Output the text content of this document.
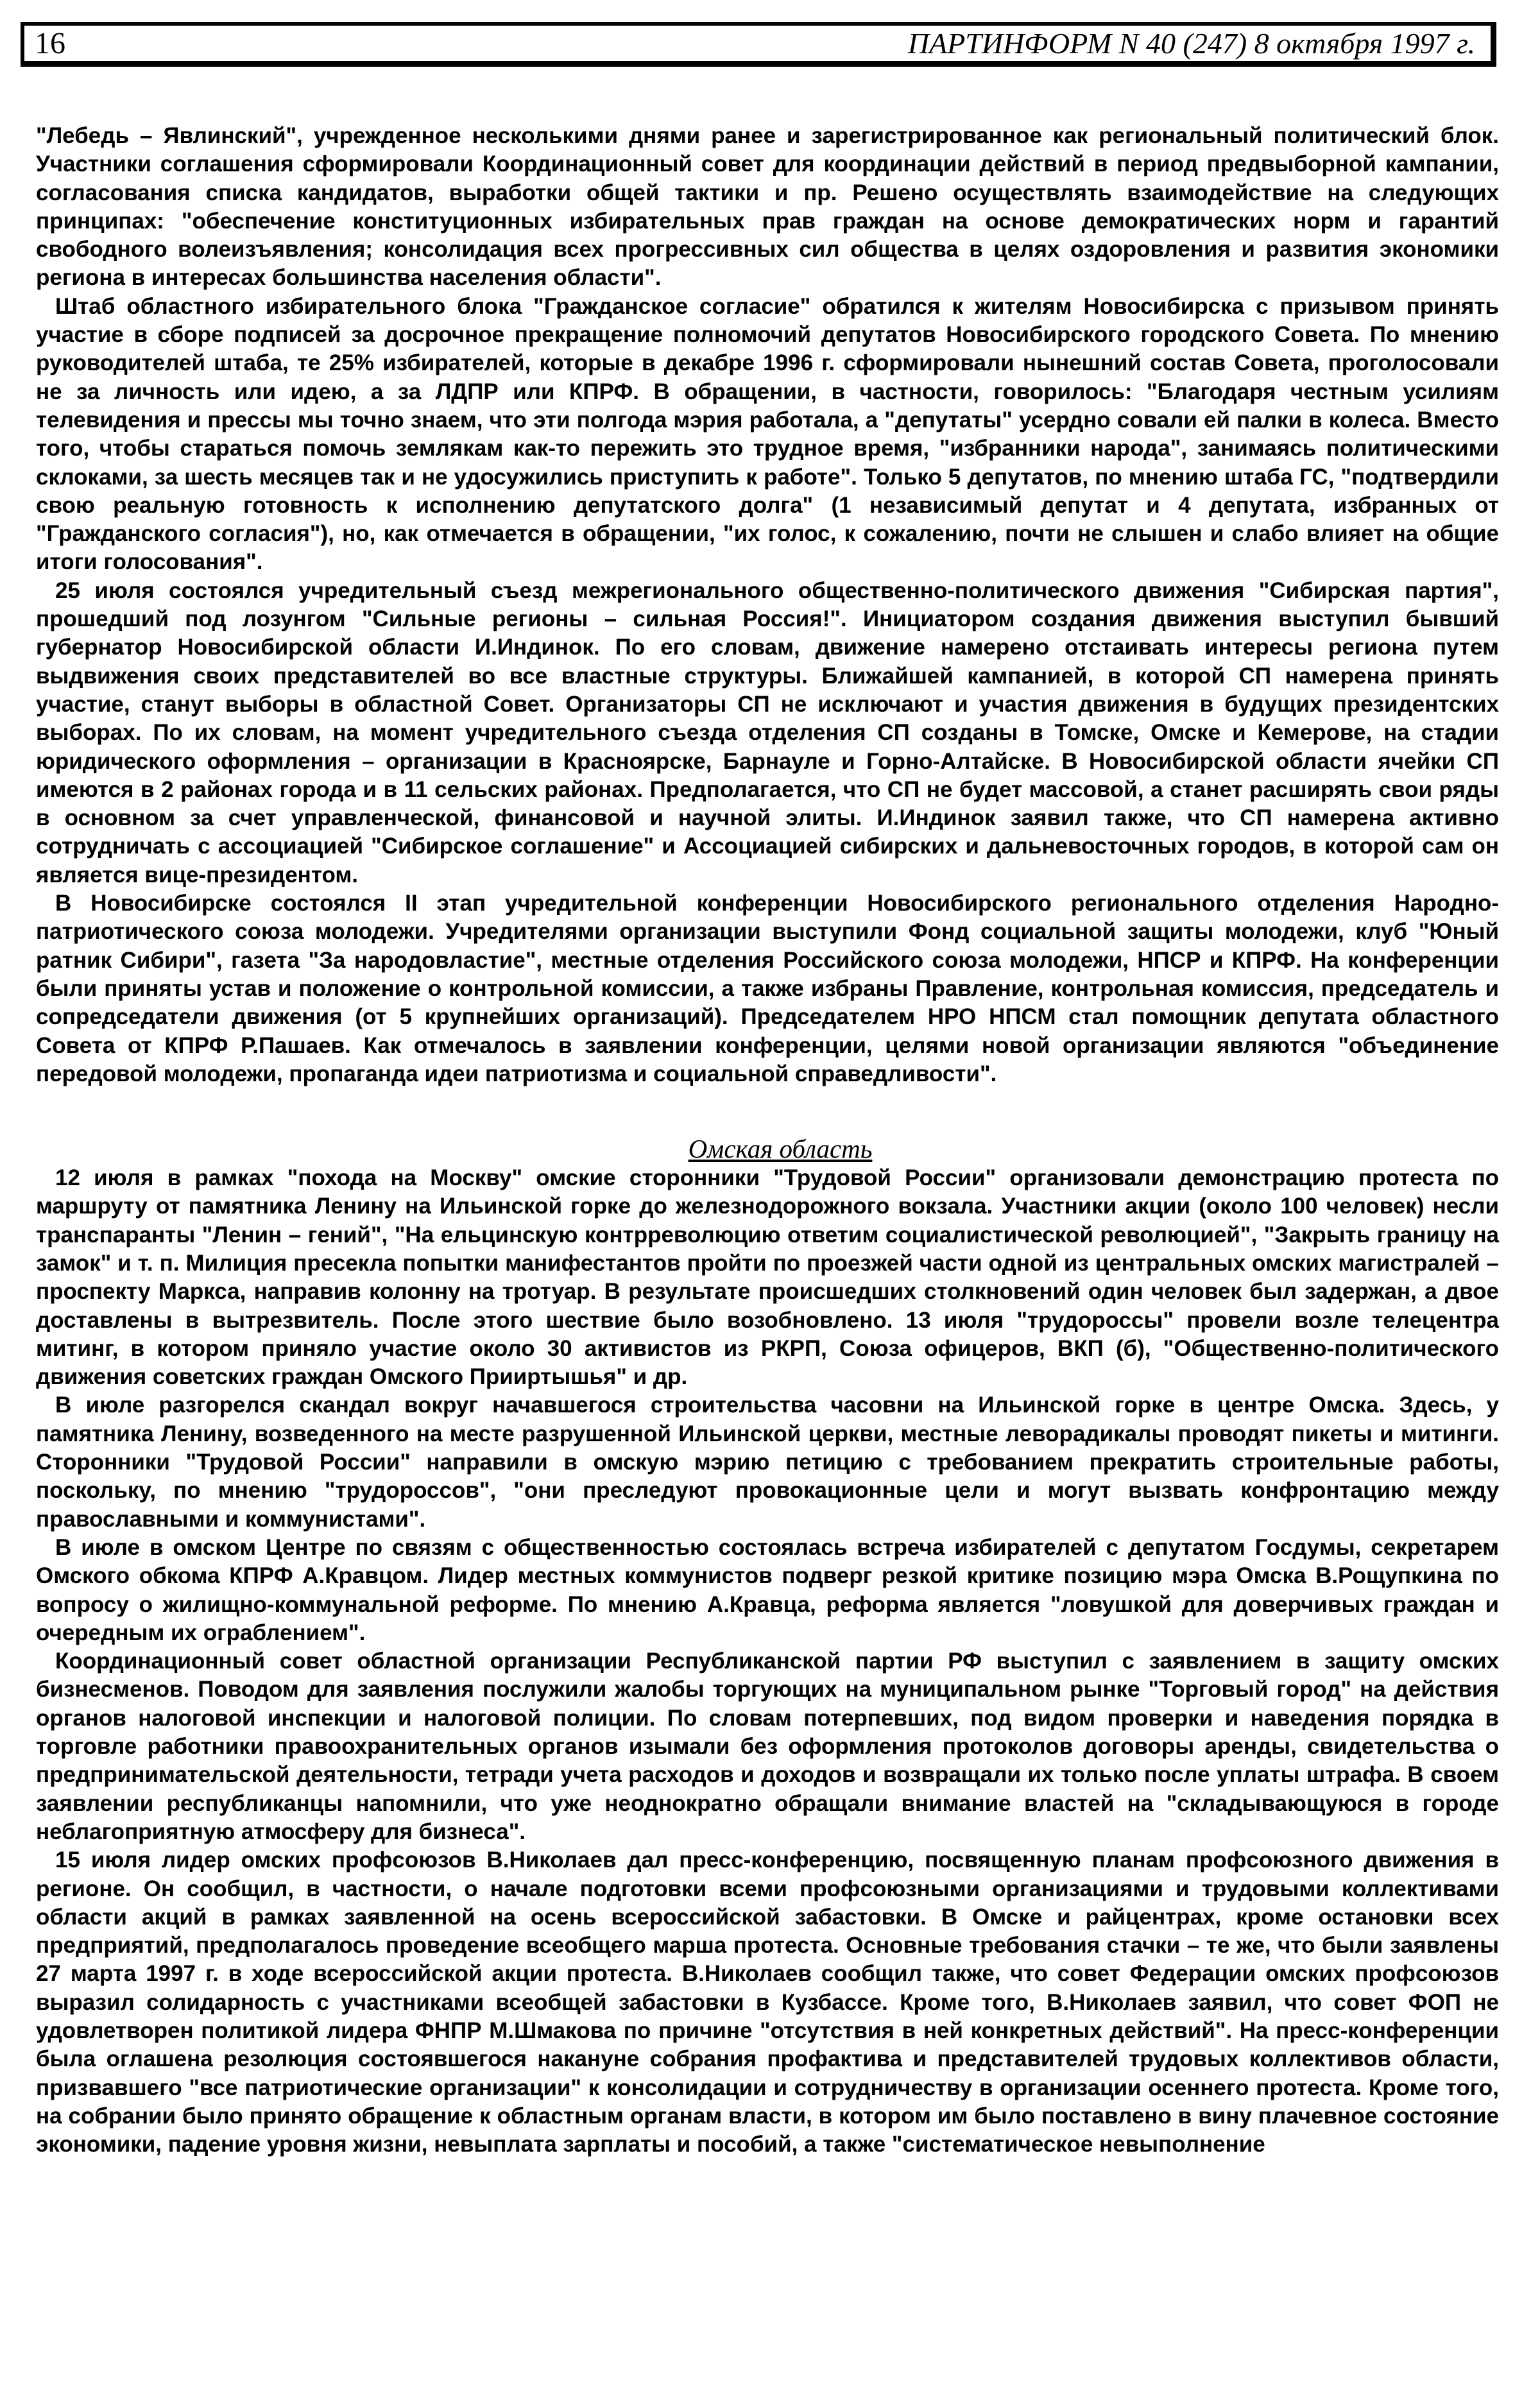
16	ПАРТИНФОРМ N 40 (247) 8 октября 1997 г.

"Лебедь – Явлинский", учрежденное несколькими днями ранее и зарегистрированное как региональный политический блок. Участники соглашения сформировали Координационный совет для координации действий в период предвыборной кампании, согласования списка кандидатов, выработки общей тактики и пр. Решено осуществлять взаимодействие на следующих принципах: "обеспечение конституционных избирательных прав граждан на основе демократических норм и гарантий свободного волеизъявления; консолидация всех прогрессивных сил общества в целях оздоровления и развития экономики региона в интересах большинства населения области".

Штаб областного избирательного блока "Гражданское согласие" обратился к жителям Новосибирска с призывом принять участие в сборе подписей за досрочное прекращение полномочий депутатов Новосибирского городского Совета. По мнению руководителей штаба, те 25% избирателей, которые в декабре 1996 г. сформировали нынешний состав Совета, проголосовали не за личность или идею, а за ЛДПР или КПРФ. В обращении, в частности, говорилось: "Благодаря честным усилиям телевидения и прессы мы точно знаем, что эти полгода мэрия работала, а "депутаты" усердно совали ей палки в колеса. Вместо того, чтобы стараться помочь землякам как-то пережить это трудное время, "избранники народа", занимаясь политическими склоками, за шесть месяцев так и не удосужились приступить к работе". Только 5 депутатов, по мнению штаба ГС, "подтвердили свою реальную готовность к исполнению депутатского долга" (1 независимый депутат и 4 депутата, избранных от "Гражданского согласия"), но, как отмечается в обращении, "их голос, к сожалению, почти не слышен и слабо влияет на общие итоги голосования".

25 июля состоялся учредительный съезд межрегионального общественно-политического движения "Сибирская партия", прошедший под лозунгом "Сильные регионы – сильная Россия!". Инициатором создания движения выступил бывший губернатор Новосибирской области И.Индинок. По его словам, движение намерено отстаивать интересы региона путем выдвижения своих представителей во все властные структуры. Ближайшей кампанией, в которой СП намерена принять участие, станут выборы в областной Совет. Организаторы СП не исключают и участия движения в будущих президентских выборах. По их словам, на момент учредительного съезда отделения СП созданы в Томске, Омске и Кемерове, на стадии юридического оформления – организации в Красноярске, Барнауле и Горно-Алтайске. В Новосибирской области ячейки СП имеются в 2 районах города и в 11 сельских районах. Предполагается, что СП не будет массовой, а станет расширять свои ряды в основном за счет управленческой, финансовой и научной элиты. И.Индинок заявил также, что СП намерена активно сотрудничать с ассоциацией "Сибирское соглашение" и Ассоциацией сибирских и дальневосточных городов, в которой сам он является вице-президентом.

В Новосибирске состоялся II этап учредительной конференции Новосибирского регионального отделения Народно-патриотического союза молодежи. Учредителями организации выступили Фонд социальной защиты молодежи, клуб "Юный ратник Сибири", газета "За народовластие", местные отделения Российского союза молодежи, НПСР и КПРФ. На конференции были приняты устав и положение о контрольной комиссии, а также избраны Правление, контрольная комиссия, председатель и сопредседатели движения (от 5 крупнейших организаций). Председателем НРО НПСМ стал помощник депутата областного Совета от КПРФ Р.Пашаев. Как отмечалось в заявлении конференции, целями новой организации являются "объединение передовой молодежи, пропаганда идеи патриотизма и социальной справедливости".

Омская область

12 июля в рамках "похода на Москву" омские сторонники "Трудовой России" организовали демонстрацию протеста по маршруту от памятника Ленину на Ильинской горке до железнодорожного вокзала. Участники акции (около 100 человек) несли транспаранты "Ленин – гений", "На ельцинскую контрреволюцию ответим социалистической революцией", "Закрыть границу на замок" и т. п. Милиция пресекла попытки манифестантов пройти по проезжей части одной из центральных омских магистралей – проспекту Маркса, направив колонну на тротуар. В результате происшедших столкновений один человек был задержан, а двое доставлены в вытрезвитель. После этого шествие было возобновлено. 13 июля "трудороссы" провели возле телецентра митинг, в котором приняло участие около 30 активистов из РКРП, Союза офицеров, ВКП (б), "Общественно-политического движения советских граждан Омского Прииртышья" и др.

В июле разгорелся скандал вокруг начавшегося строительства часовни на Ильинской горке в центре Омска. Здесь, у памятника Ленину, возведенного на месте разрушенной Ильинской церкви, местные леворадикалы проводят пикеты и митинги. Сторонники "Трудовой России" направили в омскую мэрию петицию с требованием прекратить строительные работы, поскольку, по мнению "трудороссов", "они преследуют провокационные цели и могут вызвать конфронтацию между православными и коммунистами".

В июле в омском Центре по связям с общественностью состоялась встреча избирателей с депутатом Госдумы, секретарем Омского обкома КПРФ А.Кравцом. Лидер местных коммунистов подверг резкой критике позицию мэра Омска В.Рощупкина по вопросу о жилищно-коммунальной реформе. По мнению А.Кравца, реформа является "ловушкой для доверчивых граждан и очередным их ограблением".

Координационный совет областной организации Республиканской партии РФ выступил с заявлением в защиту омских бизнесменов. Поводом для заявления послужили жалобы торгующих на муниципальном рынке "Торговый город" на действия органов налоговой инспекции и налоговой полиции. По словам потерпевших, под видом проверки и наведения порядка в торговле работники правоохранительных органов изымали без оформления протоколов договоры аренды, свидетельства о предпринимательской деятельности, тетради учета расходов и доходов и возвращали их только после уплаты штрафа. В своем заявлении республиканцы напомнили, что уже неоднократно обращали внимание властей на "складывающуюся в городе неблагоприятную атмосферу для бизнеса".

15 июля лидер омских профсоюзов В.Николаев дал пресс-конференцию, посвященную планам профсоюзного движения в регионе. Он сообщил, в частности, о начале подготовки всеми профсоюзными организациями и трудовыми коллективами области акций в рамках заявленной на осень всероссийской забастовки. В Омске и райцентрах, кроме остановки всех предприятий, предполагалось проведение всеобщего марша протеста. Основные требования стачки – те же, что были заявлены 27 марта 1997 г. в ходе всероссийской акции протеста. В.Николаев сообщил также, что совет Федерации омских профсоюзов выразил солидарность с участниками всеобщей забастовки в Кузбассе. Кроме того, В.Николаев заявил, что совет ФОП не удовлетворен политикой лидера ФНПР М.Шмакова по причине "отсутствия в ней конкретных действий". На пресс-конференции была оглашена резолюция состоявшегося накануне собрания профактива и представителей трудовых коллективов области, призвавшего "все патриотические организации" к консолидации и сотрудничеству в организации осеннего протеста. Кроме того, на собрании было принято обращение к областным органам власти, в котором им было поставлено в вину плачевное состояние экономики, падение уровня жизни, невыплата зарплаты и пособий, а также "систематическое невыполнение
